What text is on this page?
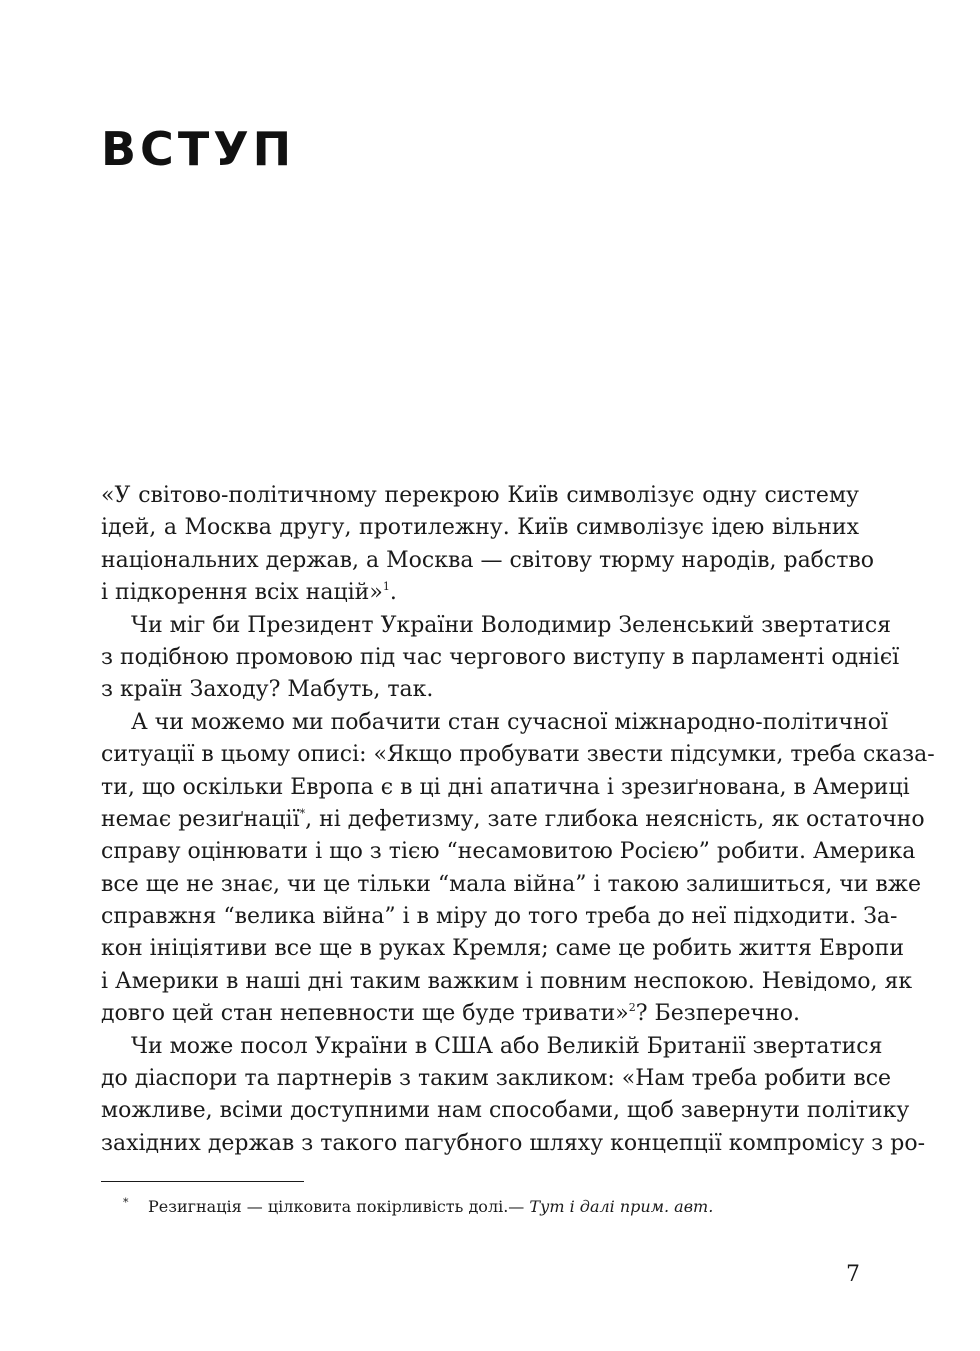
ВСТУП

«У світово-політичному перекрою Київ символізує одну систему

ідей, а Москва другу, протилежну. Київ символізує ідею вільних

національних держав, а Москва — світову тюрму народів, рабство

і підкорення всіх націй»$^1$.

Чи міг би Президент України Володимир Зеленський звертатися

з подібною промовою під час чергового виступу в парламенті однієї

з країн Заходу? Мабуть, так.

А чи можемо ми побачити стан сучасної міжнародно-політичної

ситуації в цьому описі: «Якщо пробувати звести підсумки, треба сказа-

ти, що оскільки Европа є в ці дні апатична і зрезиґнована, в Америці

немає резиґнації*, ні дефетизму, зате глибока неясність, як остаточно

справу оцінювати і що з тією “несамовитою Росією” робити. Америка

все ще не знає, чи це тільки “мала війна” і такою залишиться, чи вже

справжня “велика війна” і в міру до того треба до неї підходити. За-

кон ініціятиви все ще в руках Кремля; саме це робить життя Европи

і Америки в наші дні таким важким і повним неспокою. Невідомо, як

довго цей стан непевности ще буде тривати»$^2$? Безперечно.

Чи може посол України в США або Великій Британії звертатися

до діаспори та партнерів з таким закликом: «Нам треба робити все

можливе, всіми доступними нам способами, щоб завернути політику

західних держав з такого пагубного шляху концепції компромісу з ро-

* Резигнація — цілковита покірливість долі.— Тут і далі прим. авт.
7
